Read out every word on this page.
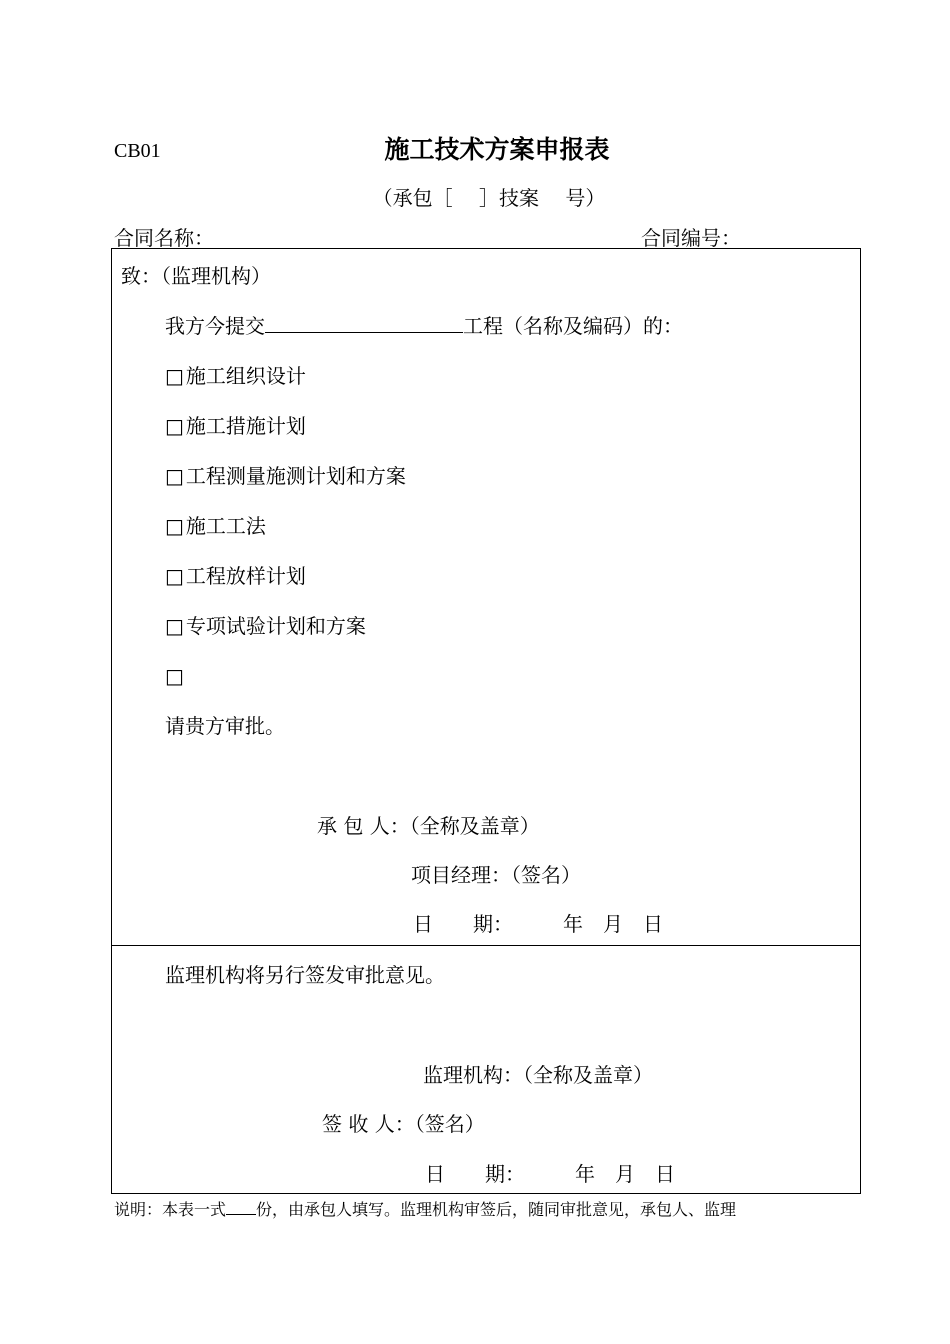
CB01	施工技术方案申报表
（承包［　 ］技案　 号）
合同名称：	合同编号：
致：（监理机构）
我方今提交	工程（名称及编码）的：
□ 施工组织设计
□ 施工措施计划
□ 工程测量施测计划和方案
□ 施工工法
□ 工程放样计划
□ 专项试验计划和方案
□
请贵方审批。
承 包 人：（全称及盖章）
项目经理：（签名）
日　　期：　　　年　月　日
监理机构将另行签发审批意见。
监理机构：（全称及盖章）
签 收 人：（签名）
日　　期：　　　年　月　日
说明：本表一式 份，由承包人填写。监理机构审签后，随同审批意见，承包人、监理
